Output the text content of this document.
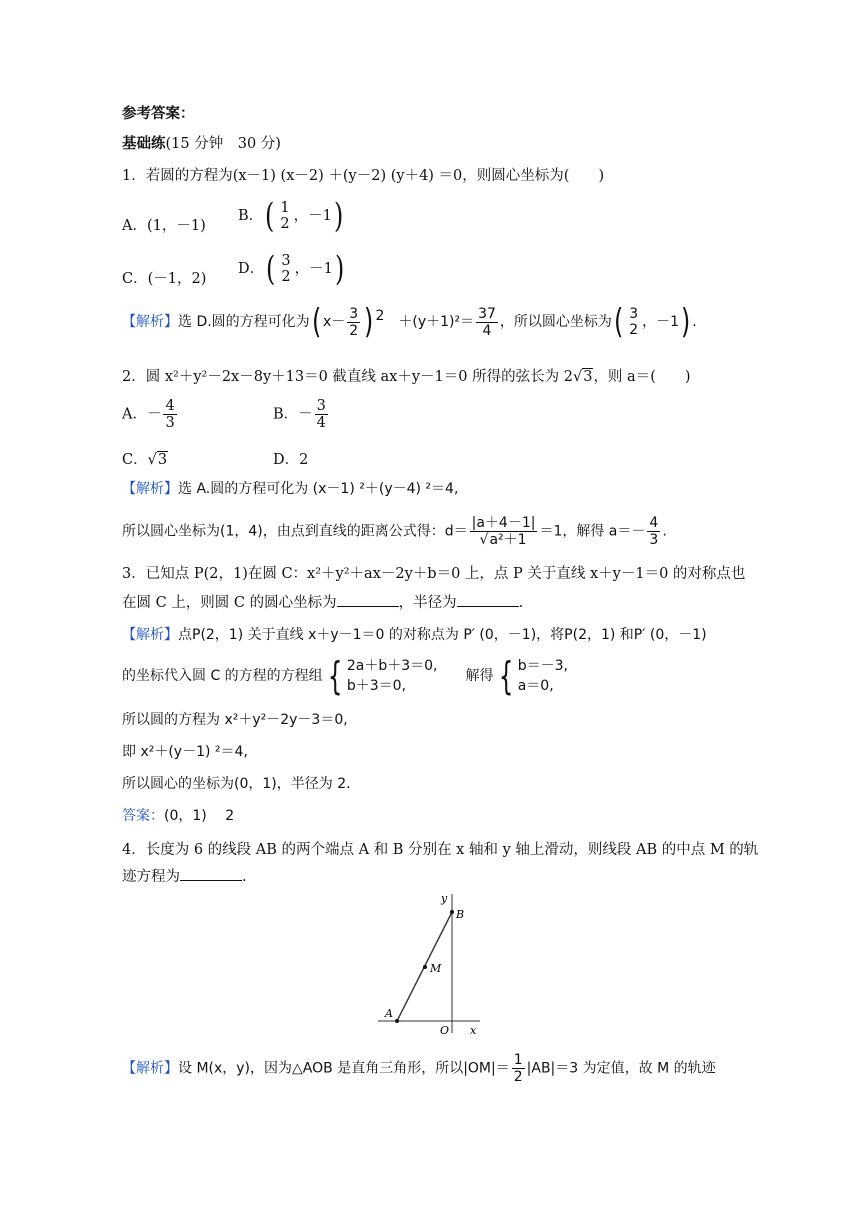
参考答案：
基础练(15 分钟　30 分)
1．若圆的方程为(x－1) (x－2) ＋(y－2) (y＋4) ＝0，则圆心坐标为(　　)
A．(1，－1)
B．( 1
2 ，－1)
C．(－1，2)
D．( 3
2 ，－1)
【解析】选 D.圆的方程可化为( $x- \frac{3}{2}$ ) $2 +(y+1)^2= \frac{37}{4}$ ，所以圆心坐标为( 3
2 ，－1) .
2．圆 x²＋y²－2x－8y＋13＝0 截直线 ax＋y－1＝0 所得的弦长为 2√3，则 a＝(　　)
A．－ $\frac{4}{3}$	B．－ $\frac{3}{4}$
C．√3	D．2
【解析】选 A.圆的方程可化为 (x－1) ²＋(y－4) ²＝4,
所以圆心坐标为(1，4)，由点到直线的距离公式得：$d= \frac{|a+4-1|}{\text{√a²＋1}} =1$，解得 $a=- \frac{4}{3}$ .
3．已知点 P(2，1)在圆 C：x²＋y²＋ax－2y＋b＝0 上，点 P 关于直线 x＋y－1＝0 的对称点也
在圆 C 上，则圆 C 的圆心坐标为	，半径为	.
【解析】点P(2，1) 关于直线 x＋y－1＝0 的对称点为 P′ (0，－1)，将P(2，1) 和P′ (0，－1)
的坐标代入圆 C 的方程的方程组 { 2a＋b＋3＝0,
b＋3＝0,解得 { b＝－3,
a＝0,
所以圆的方程为 x²＋y²－2y－3＝0,
即 x²＋(y－1) ²＝4,
所以圆心的坐标为(0，1)，半径为 2.
答案：(0，1)　 2
4．长度为 6 的线段 AB 的两个端点 A 和 B 分别在 x 轴和 y 轴上滑动，则线段 AB 的中点 M 的轨
迹方程为	.
y
B
M
A
O x
【解析】设 M(x，y)，因为△AOB 是直角三角形，所以$|OM|= \frac{1}{2} |AB|=3$ 为定值，故 M 的轨迹
